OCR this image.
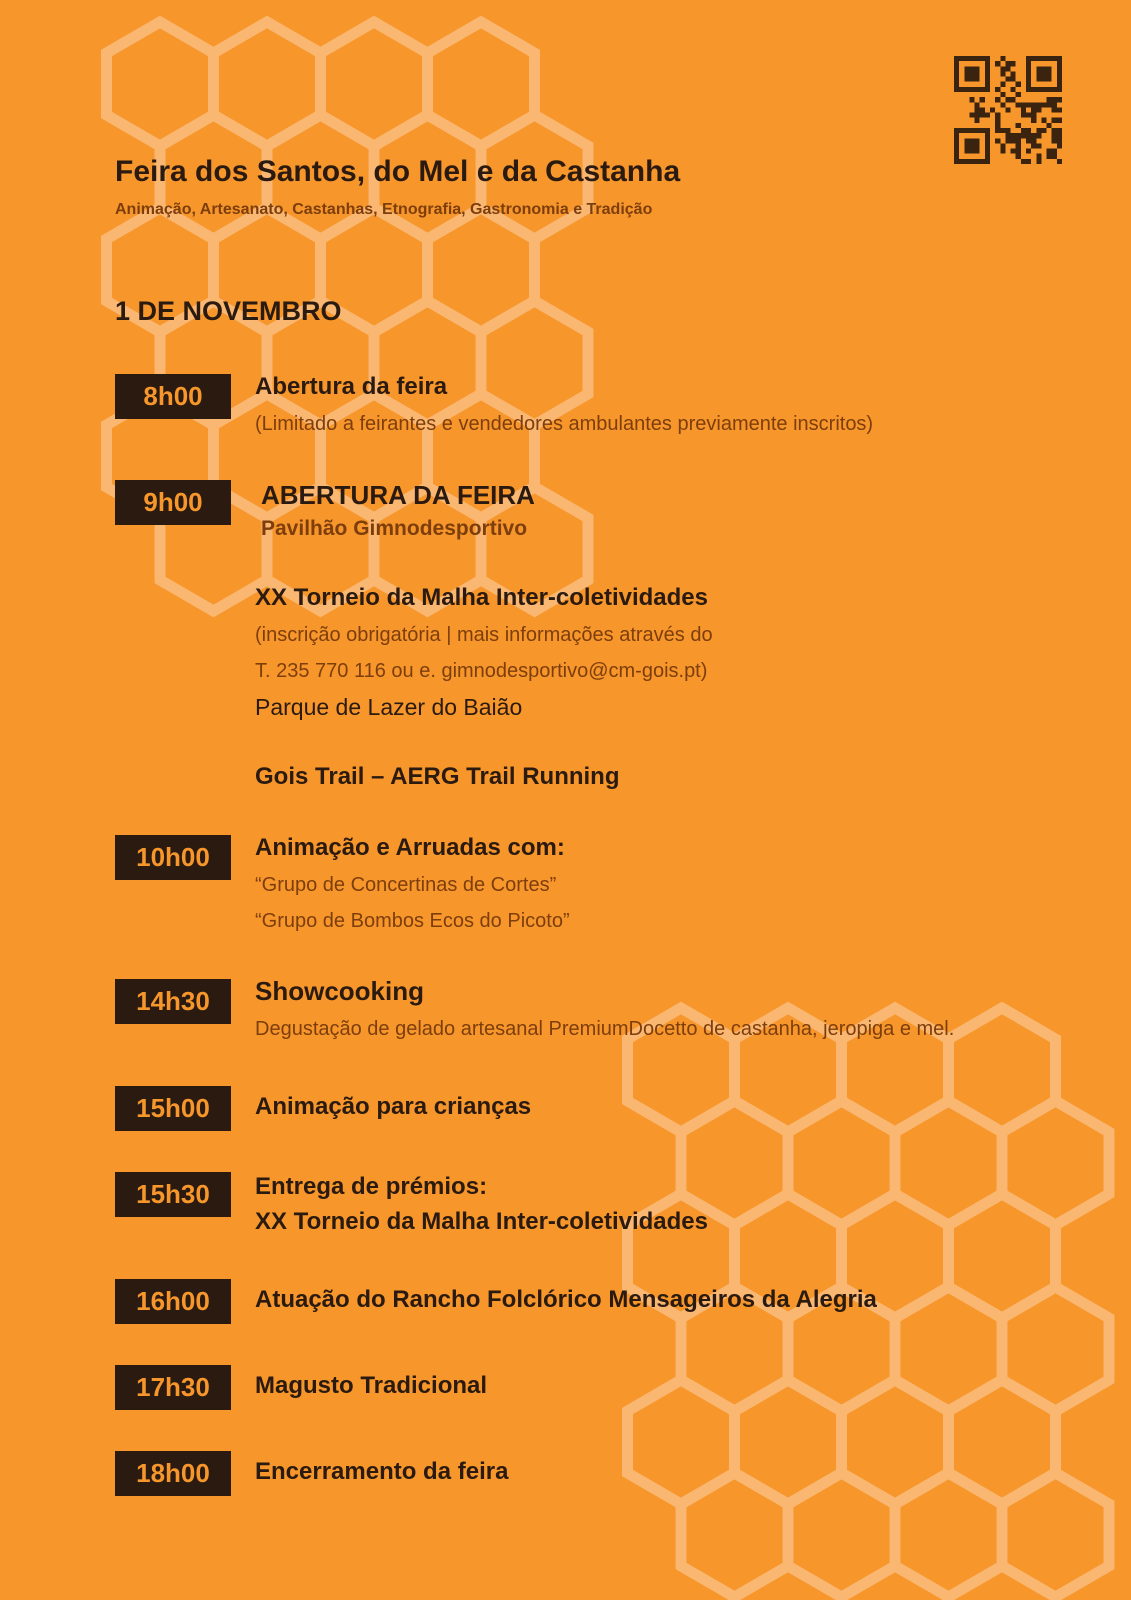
Feira dos Santos, do Mel e da Castanha

Animação, Artesanato, Castanhas, Etnografia, Gastronomia e Tradição

1 DE NOVEMBRO
8h00	Abertura da feira
(Limitado a feirantes e vendedores ambulantes previamente inscritos)
9h00	ABERTURA DA FEIRA
Pavilhão Gimnodesportivo
XX Torneio da Malha Inter-coletividades
(inscrição obrigatória | mais informações através do
T. 235 770 116 ou e. gimnodesportivo@cm-gois.pt)
Parque de Lazer do Baião
Gois Trail – AERG Trail Running
10h00	Animação e Arruadas com:
“Grupo de Concertinas de Cortes”
“Grupo de Bombos Ecos do Picoto”
14h30	Showcooking
Degustação de gelado artesanal PremiumDocetto de castanha, jeropiga e mel.
15h00	Animação para crianças
15h30	Entrega de prémios:
XX Torneio da Malha Inter-coletividades
16h00	Atuação do Rancho Folclórico Mensageiros da Alegria
17h30	Magusto Tradicional
18h00	Encerramento da feira
